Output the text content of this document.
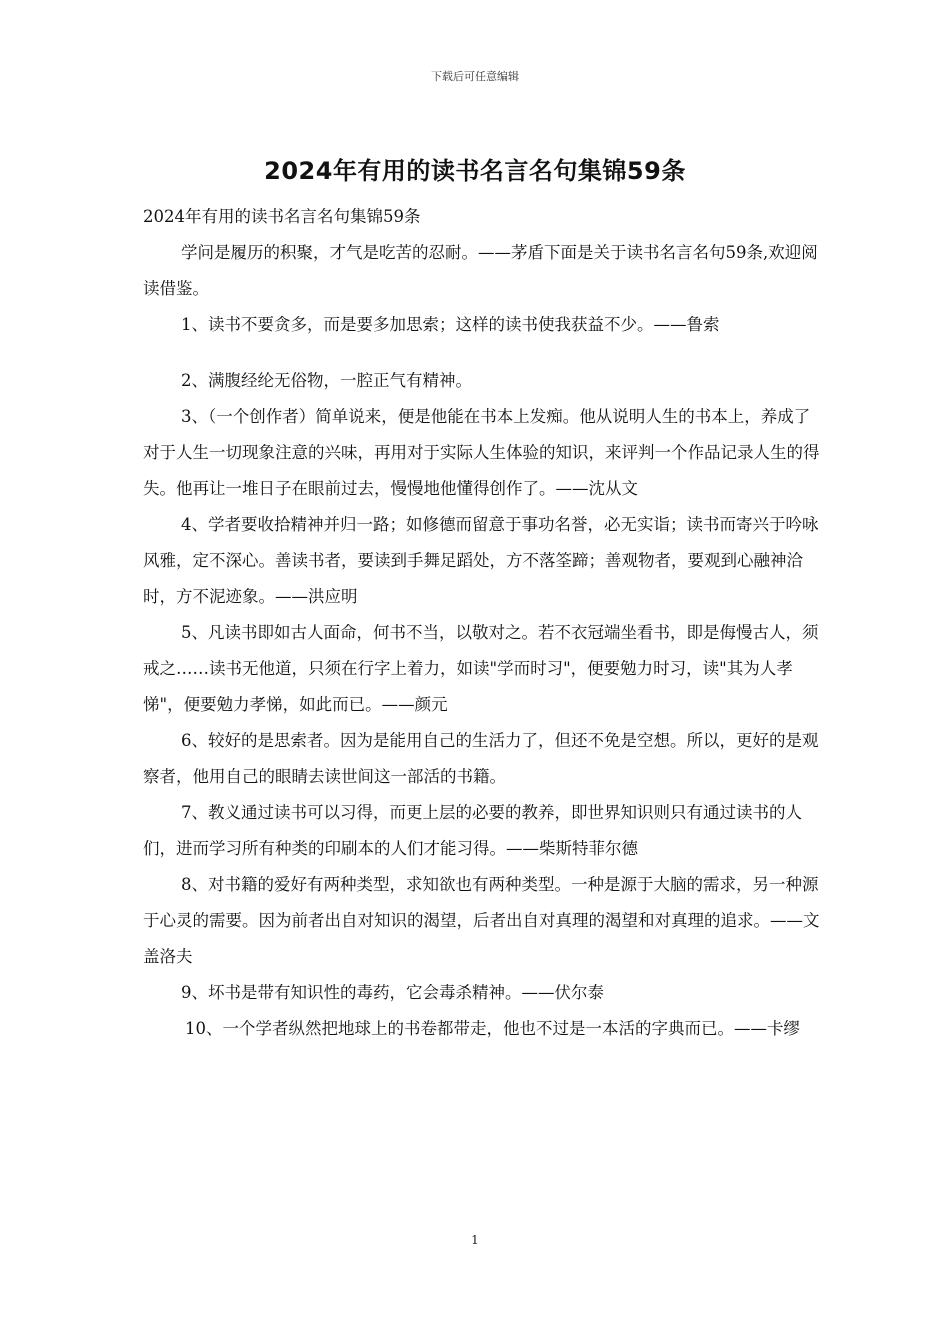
下载后可任意编辑
2024年有用的读书名言名句集锦59条

2024年有用的读书名言名句集锦59条

学问是履历的积聚，才气是吃苦的忍耐。——茅盾下面是关于读书名言名句59条,欢迎阅读借鉴。

1、读书不要贪多，而是要多加思索；这样的读书使我获益不少。——鲁索

2、满腹经纶无俗物，一腔正气有精神。

3、（一个创作者）简单说来，便是他能在书本上发痴。他从说明人生的书本上，养成了对于人生一切现象注意的兴味，再用对于实际人生体验的知识，来评判一个作品记录人生的得失。他再让一堆日子在眼前过去，慢慢地他懂得创作了。——沈从文

4、学者要收拾精神并归一路；如修德而留意于事功名誉，必无实诣；读书而寄兴于吟咏风雅，定不深心。善读书者，要读到手舞足蹈处，方不落筌蹄；善观物者，要观到心融神洽时，方不泥迹象。——洪应明

5、凡读书即如古人面命，何书不当，以敬对之。若不衣冠端坐看书，即是侮慢古人，须戒之……读书无他道，只须在行字上着力，如读"学而时习"，便要勉力时习，读"其为人孝悌"，便要勉力孝悌，如此而已。——颜元

6、较好的是思索者。因为是能用自己的生活力了，但还不免是空想。所以，更好的是观察者，他用自己的眼睛去读世间这一部活的书籍。

7、教义通过读书可以习得，而更上层的必要的教养，即世界知识则只有通过读书的人们，进而学习所有种类的印刷本的人们才能习得。——柴斯特菲尔德

8、对书籍的爱好有两种类型，求知欲也有两种类型。一种是源于大脑的需求，另一种源于心灵的需要。因为前者出自对知识的渴望，后者出自对真理的渴望和对真理的追求。——文盖洛夫

9、坏书是带有知识性的毒药，它会毒杀精神。——伏尔泰

10、一个学者纵然把地球上的书卷都带走，他也不过是一本活的字典而已。——卡缪

1
